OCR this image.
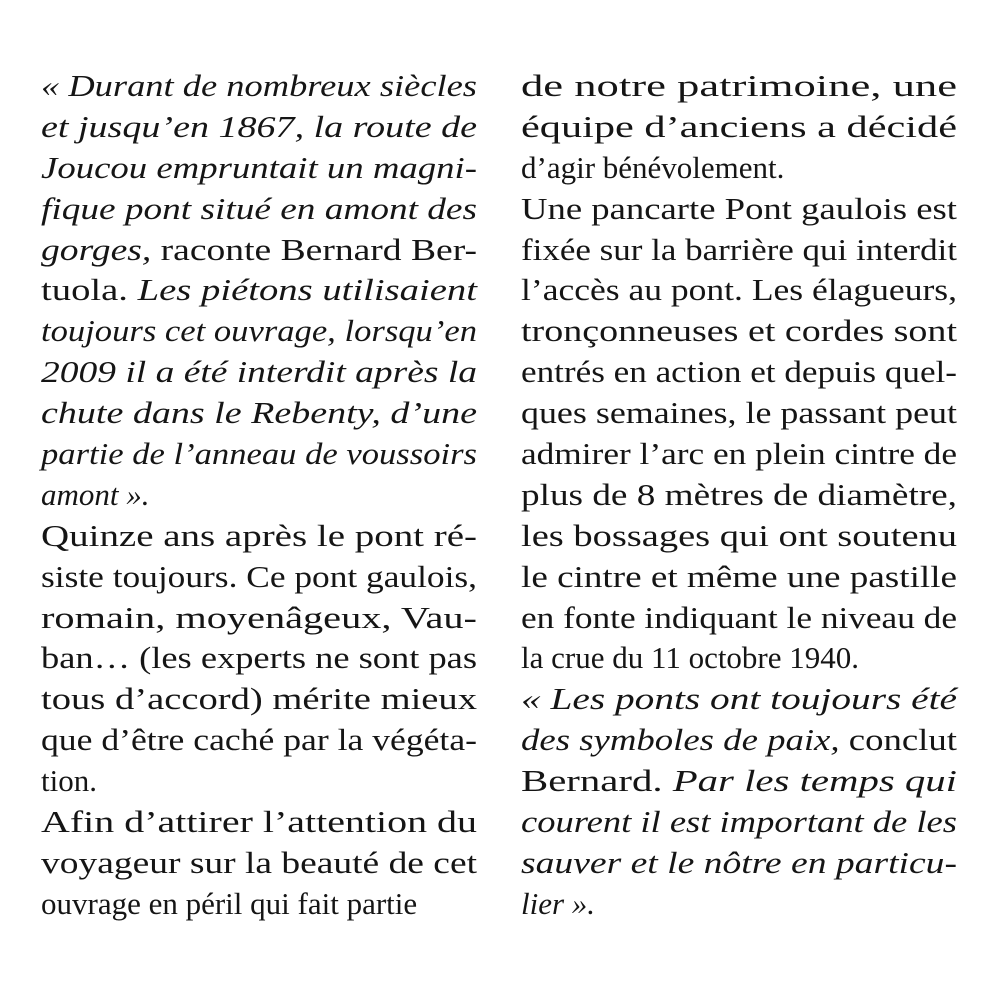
« Durant de nombreux siècles
et jusqu’en 1867, la route de
Joucou empruntait un magni-
fique pont situé en amont des
gorges, raconte Bernard Ber-
tuola. Les piétons utilisaient
toujours cet ouvrage, lorsqu’en
2009 il a été interdit après la
chute dans le Rebenty, d’une
partie de l’anneau de voussoirs
amont ».
Quinze ans après le pont ré-
siste toujours. Ce pont gaulois,
romain, moyenâgeux, Vau-
ban… (les experts ne sont pas
tous d’accord) mérite mieux
que d’être caché par la végéta-
tion.
Afin d’attirer l’attention du
voyageur sur la beauté de cet
ouvrage en péril qui fait partie
de notre patrimoine, une
équipe d’anciens a décidé
d’agir bénévolement.
Une pancarte Pont gaulois est
fixée sur la barrière qui interdit
l’accès au pont. Les élagueurs,
tronçonneuses et cordes sont
entrés en action et depuis quel-
ques semaines, le passant peut
admirer l’arc en plein cintre de
plus de 8 mètres de diamètre,
les bossages qui ont soutenu
le cintre et même une pastille
en fonte indiquant le niveau de
la crue du 11 octobre 1940.
« Les ponts ont toujours été
des symboles de paix, conclut
Bernard. Par les temps qui
courent il est important de les
sauver et le nôtre en particu-
lier ».
